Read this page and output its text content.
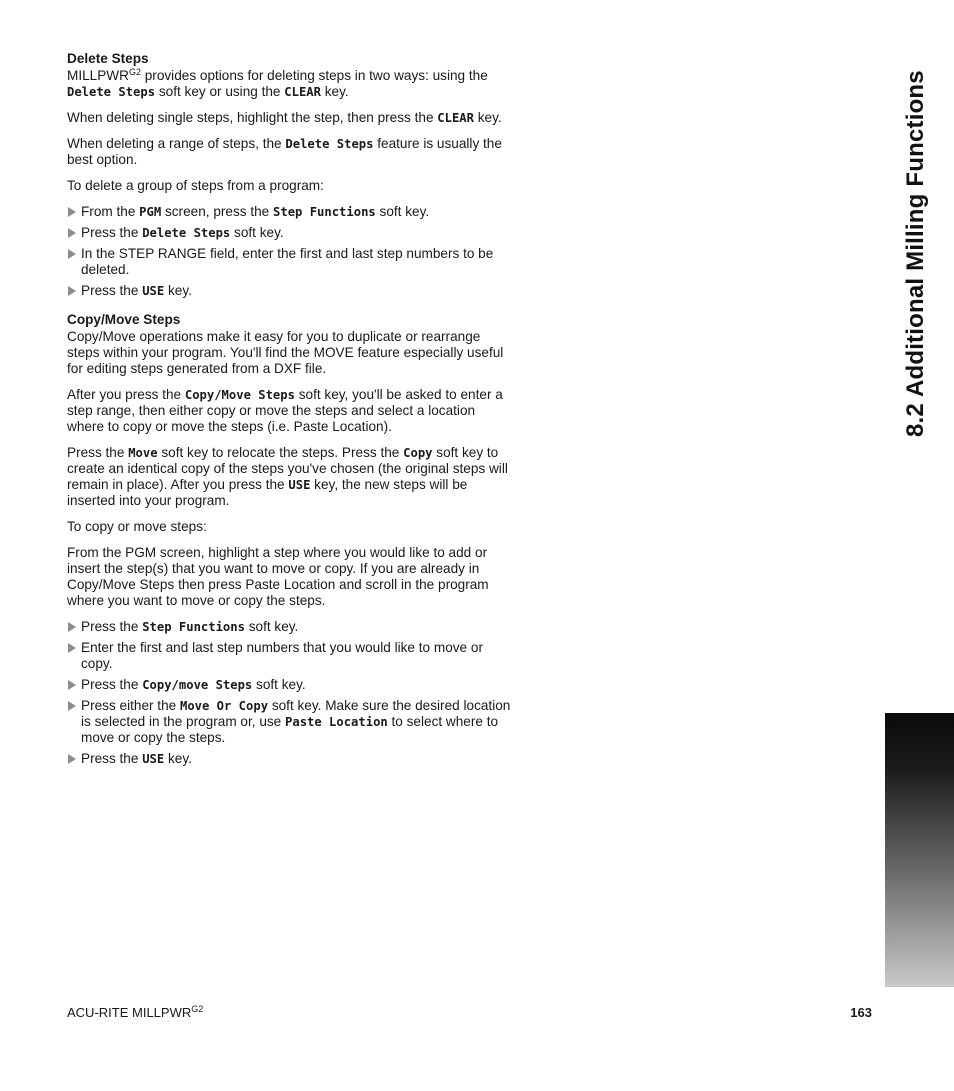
Delete Steps

$MILLPWR^{G2}$ provides options for deleting steps in two ways: using the Delete Steps soft key or using the CLEAR key.

When deleting single steps, highlight the step, then press the CLEAR key.

When deleting a range of steps, the Delete Steps feature is usually the best option.

To delete a group of steps from a program:

From the PGM screen, press the Step Functions soft key.
Press the Delete Steps soft key.
In the STEP RANGE field, enter the first and last step numbers to be deleted.
Press the USE key.
Copy/Move Steps

Copy/Move operations make it easy for you to duplicate or rearrange steps within your program. You'll find the MOVE feature especially useful for editing steps generated from a DXF file.

After you press the Copy/Move Steps soft key, you'll be asked to enter a step range, then either copy or move the steps and select a location where to copy or move the steps (i.e. Paste Location).

Press the Move soft key to relocate the steps. Press the Copy soft key to create an identical copy of the steps you've chosen (the original steps will remain in place). After you press the USE key, the new steps will be inserted into your program.

To copy or move steps:

From the PGM screen, highlight a step where you would like to add or insert the step(s) that you want to move or copy. If you are already in Copy/Move Steps then press Paste Location and scroll in the program where you want to move or copy the steps.

Press the Step Functions soft key.
Enter the first and last step numbers that you would like to move or copy.
Press the Copy/move Steps soft key.
Press either the Move Or Copy soft key. Make sure the desired location is selected in the program or, use Paste Location to select where to move or copy the steps.
Press the USE key.
8.2 Additional Milling Functions
ACU-RITE $MILLPWR^{G2}$	163
